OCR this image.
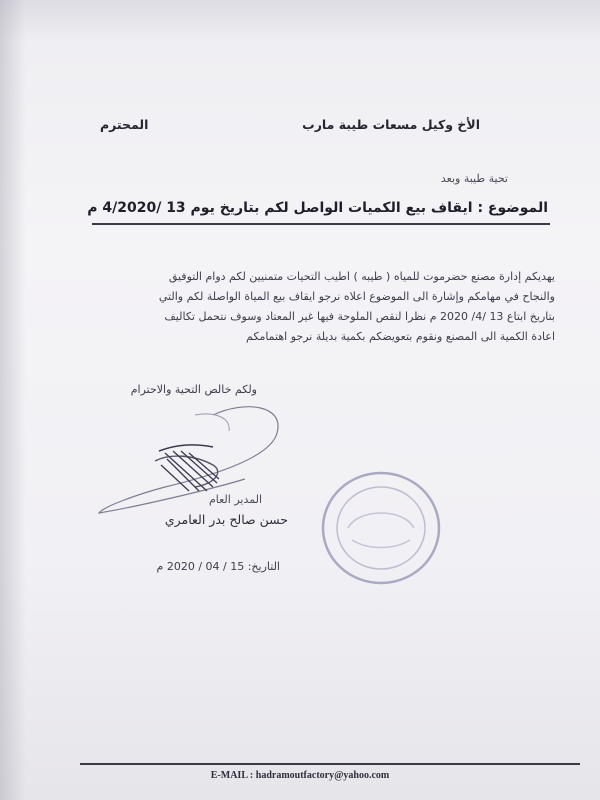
الأخ وكيل مسعات طيبة مارب
المحترم
تحية طيبة وبعد
الموضوع : ايقاف بيع الكميات الواصل لكم بتاريخ يوم 13 /4/2020 م
يهديكم إدارة مصنع حضرموت للمياه ( طيبه ) اطيب التحيات متمنيين لكم دوام التوفيق
والنجاح في مهامكم وإشارة الى الموضوع اعلاه نرجو ايقاف بيع المياة الواصلة لكم والتي
بتاريخ ابتاع 13 /4/ 2020 م نظرا لنقص الملوحة فيها غير المعتاد وسوف نتحمل تكاليف
اعادة الكمية الى المصنع ونقوم بتعويضكم بكمية بديلة نرجو اهتمامكم
ولكم خالص التحية والاحترام
المدير العام
حسن صالح بدر العامري
التاريخ: 15 / 04 / 2020 م
E-MAIL : hadramoutfactory@yahoo.com
